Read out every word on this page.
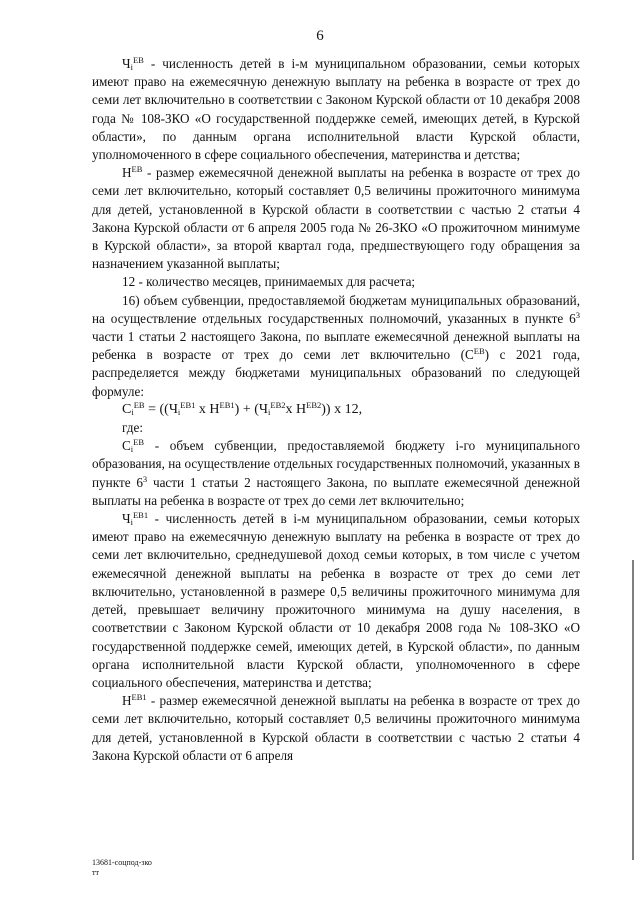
6

$Ч_i^{ЕВ}$ - численность детей в i-м муниципальном образовании, семьи которых имеют право на ежемесячную денежную выплату на ребенка в возрасте от трех до семи лет включительно в соответствии с Законом Курской области от 10 декабря 2008 года № 108-ЗКО «О государственной поддержке семей, имеющих детей, в Курской области», по данным органа исполнительной власти Курской области, уполномоченного в сфере социального обеспечения, материнства и детства;

$Н^{ЕВ}$ - размер ежемесячной денежной выплаты на ребенка в возрасте от трех до семи лет включительно, который составляет 0,5 величины прожиточного минимума для детей, установленной в Курской области в соответствии с частью 2 статьи 4 Закона Курской области от 6 апреля 2005 года № 26-ЗКО «О прожиточном минимуме в Курской области», за второй квартал года, предшествующего году обращения за назначением указанной выплаты;

12 - количество месяцев, принимаемых для расчета;

16) объем субвенции, предоставляемой бюджетам муниципальных образований, на осуществление отдельных государственных полномочий, указанных в пункте $6^3$ части 1 статьи 2 настоящего Закона, по выплате ежемесячной денежной выплаты на ребенка в возрасте от трех до семи лет включительно $(С^{ЕВ})$ с 2021 года, распределяется между бюджетами муниципальных образований по следующей формуле:

$С_i^{ЕВ} = ((Ч_i^{ЕВ1}$ х $Н^{ЕВ1}) + (Ч_i^{ЕВ2}х$ $Н^{ЕВ2}$)) х 12,

где:

$С_i^{ЕВ}$ - объем субвенции, предоставляемой бюджету i-го муниципального образования, на осуществление отдельных государственных полномочий, указанных в пункте $6^3$ части 1 статьи 2 настоящего Закона, по выплате ежемесячной денежной выплаты на ребенка в возрасте от трех до семи лет включительно;

$Ч_i^{ЕВ1}$ - численность детей в i-м муниципальном образовании, семьи которых имеют право на ежемесячную денежную выплату на ребенка в возрасте от трех до семи лет включительно, среднедушевой доход семьи которых, в том числе с учетом ежемесячной денежной выплаты на ребенка в возрасте от трех до семи лет включительно, установленной в размере 0,5 величины прожиточного минимума для детей, превышает величину прожиточного минимума на душу населения, в соответствии с Законом Курской области от 10 декабря 2008 года № 108-ЗКО «О государственной поддержке семей, имеющих детей, в Курской области», по данным органа исполнительной власти Курской области, уполномоченного в сфере социального обеспечения, материнства и детства;

$Н^{ЕВ1}$ - размер ежемесячной денежной выплаты на ребенка в возрасте от трех до семи лет включительно, который составляет 0,5 величины прожиточного минимума для детей, установленной в Курской области в соответствии с частью 2 статьи 4 Закона Курской области от 6 апреля

13681-соцпод-зко
тт
